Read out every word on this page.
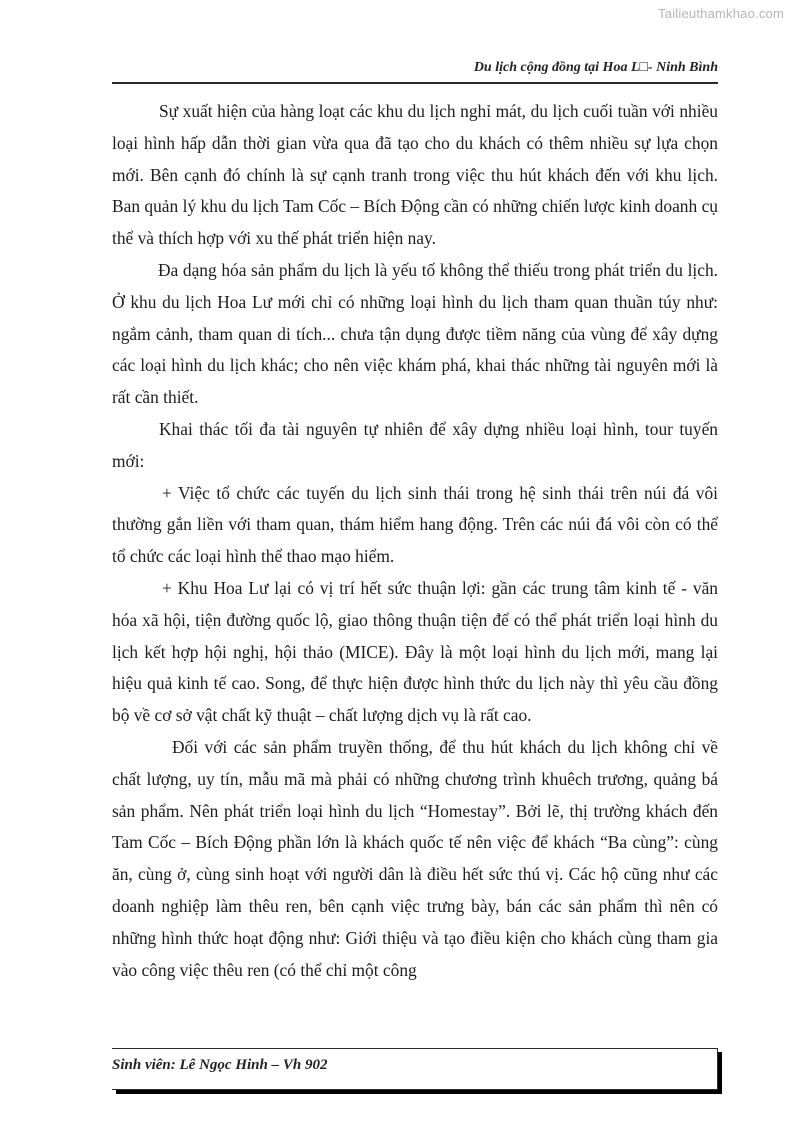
Tailieuthamkhao.com
Du lịch cộng đồng tại Hoa L□- Ninh Bình

Sự xuất hiện của hàng loạt các khu du lịch nghỉ mát, du lịch cuối tuần với nhiều loại hình hấp dẫn thời gian vừa qua đã tạo cho du khách có thêm nhiều sự lựa chọn mới. Bên cạnh đó chính là sự cạnh tranh trong việc thu hút khách đến với khu lịch. Ban quản lý khu du lịch Tam Cốc – Bích Động cần có những chiến lược kinh doanh cụ thể và thích hợp với xu thế phát triển hiện nay.

Đa dạng hóa sản phẩm du lịch là yếu tố không thể thiếu trong phát triển du lịch. Ở khu du lịch Hoa Lư mới chỉ có những loại hình du lịch tham quan thuần túy như: ngắm cảnh, tham quan di tích... chưa tận dụng được tiềm năng của vùng để xây dựng các loại hình du lịch khác; cho nên việc khám phá, khai thác những tài nguyên mới là rất cần thiết.

Khai thác tối đa tài nguyên tự nhiên để xây dựng nhiều loại hình, tour tuyến mới:

+ Việc tổ chức các tuyến du lịch sinh thái trong hệ sinh thái trên núi đá vôi thường gắn liền với tham quan, thám hiểm hang động. Trên các núi đá vôi còn có thể tổ chức các loại hình thể thao mạo hiểm.

+ Khu Hoa Lư lại có vị trí hết sức thuận lợi: gần các trung tâm kinh tế - văn hóa xã hội, tiện đường quốc lộ, giao thông thuận tiện để có thể phát triển loại hình du lịch kết hợp hội nghị, hội thảo (MICE). Đây là một loại hình du lịch mới, mang lại hiệu quả kinh tế cao. Song, để thực hiện được hình thức du lịch này thì yêu cầu đồng bộ về cơ sở vật chất kỹ thuật – chất lượng dịch vụ là rất cao.

Đối với các sản phẩm truyền thống, để thu hút khách du lịch không chỉ về chất lượng, uy tín, mẫu mã mà phải có những chương trình khuêch trương, quảng bá sản phẩm. Nên phát triển loại hình du lịch “Homestay”. Bởi lẽ, thị trường khách đến Tam Cốc – Bích Động phần lớn là khách quốc tế nên việc để khách “Ba cùng”: cùng ăn, cùng ở, cùng sinh hoạt với người dân là điều hết sức thú vị. Các hộ cũng như các doanh nghiệp làm thêu ren, bên cạnh việc trưng bày, bán các sản phẩm thì nên có những hình thức hoạt động như: Giới thiệu và tạo điều kiện cho khách cùng tham gia vào công việc thêu ren (có thể chỉ một công

Sinh viên: Lê Ngọc Hinh – Vh 902
